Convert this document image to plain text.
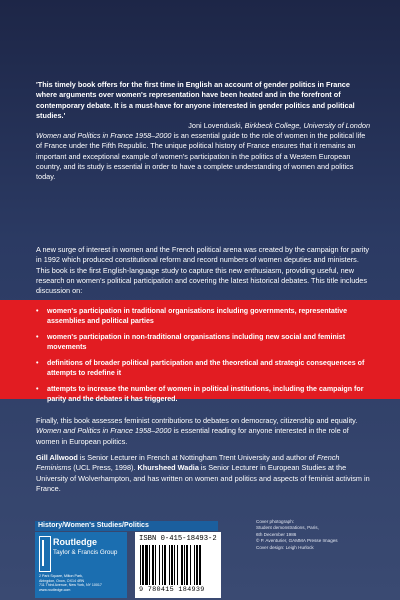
'This timely book offers for the first time in English an account of gender politics in France where arguments over women's representation have been heated and in the forefront of contemporary debate. It is a must-have for anyone interested in gender politics and political studies.'
Joni Lovenduski, Birkbeck College, University of London

Women and Politics in France 1958–2000 is an essential guide to the role of women in the political life of France under the Fifth Republic. The unique political history of France ensures that it remains an important and exceptional example of women's participation in the politics of a Western European country, and its study is essential in order to have a complete understanding of women and politics today.

A new surge of interest in women and the French political arena was created by the campaign for parity in 1992 which produced constitutional reform and record numbers of women deputies and ministers. This book is the first English-language study to capture this new enthusiasm, providing useful, new research on women's political participation and covering the latest historical debates. This title includes discussion on:

• women's participation in traditional organisations including governments, representative assemblies and political parties
• women's participation in non-traditional organisations including new social and feminist movements
• definitions of broader political participation and the theoretical and strategic consequences of attempts to redefine it
• attempts to increase the number of women in political institutions, including the campaign for parity and the debates it has triggered.

Finally, this book assesses feminist contributions to debates on democracy, citizenship and equality. Women and Politics in France 1958–2000 is essential reading for anyone interested in the role of women in European politics.

Gill Allwood is Senior Lecturer in French at Nottingham Trent University and author of French Feminisms (UCL Press, 1998). Khursheed Wadia is Senior Lecturer in European Studies at the University of Wolverhampton, and has written on women and politics and aspects of feminist activism in France.

History/Women's Studies/Politics
Routledge
Taylor & Francis Group
2 Park Square, Milton Park,
Abingdon, Oxon, OX14 4RN
711 Third Avenue, New York, NY 10017
www.routledge.com
ISBN 0-415-18493-2
9 780415 184939
Cover photograph:
Student demonstrations, Paris,
6th December 1986
© P. Aventurier, GAMMA Presse Images
Cover design: Leigh Hurlock
